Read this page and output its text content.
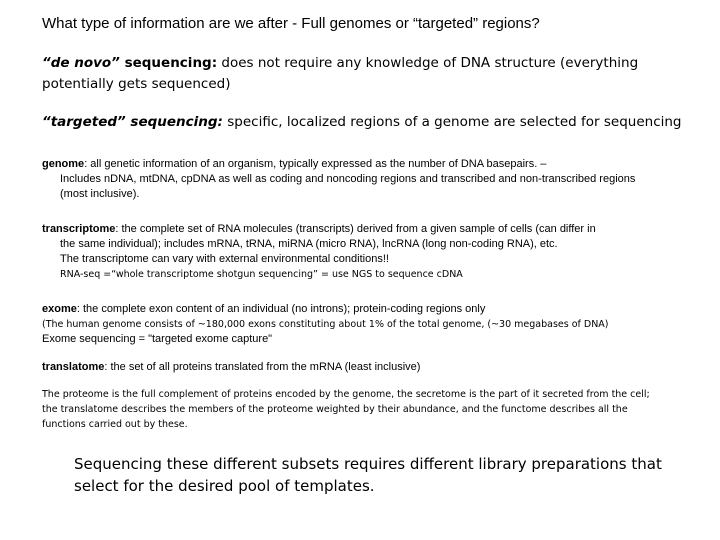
What type of information are we after - Full genomes or “targeted” regions?

“de novo” sequencing: does not require any knowledge of DNA structure (everything potentially gets sequenced)

“targeted” sequencing: specific, localized regions of a genome are selected for sequencing

genome: all genetic information of an organism, typically expressed as the number of DNA basepairs. –
Includes nDNA, mtDNA, cpDNA as well as coding and noncoding regions and transcribed and non-transcribed regions (most inclusive).
transcriptome: the complete set of RNA molecules (transcripts) derived from a given sample of cells (can differ in
the same individual); includes mRNA, tRNA, miRNA (micro RNA), lncRNA (long non-coding RNA), etc.
The transcriptome can vary with external environmental conditions!!
RNA-seq =“whole transcriptome shotgun sequencing” = use NGS to sequence cDNA
exome: the complete exon content of an individual (no introns); protein-coding regions only
(The human genome consists of ~180,000 exons constituting about 1% of the total genome, (~30 megabases of DNA)
Exome sequencing = "targeted exome capture"
translatome: the set of all proteins translated from the mRNA (least inclusive)

The proteome is the full complement of proteins encoded by the genome, the secretome is the part of it secreted from the cell; the translatome describes the members of the proteome weighted by their abundance, and the functome describes all the functions carried out by these.

Sequencing these different subsets requires different library preparations that select for the desired pool of templates.
